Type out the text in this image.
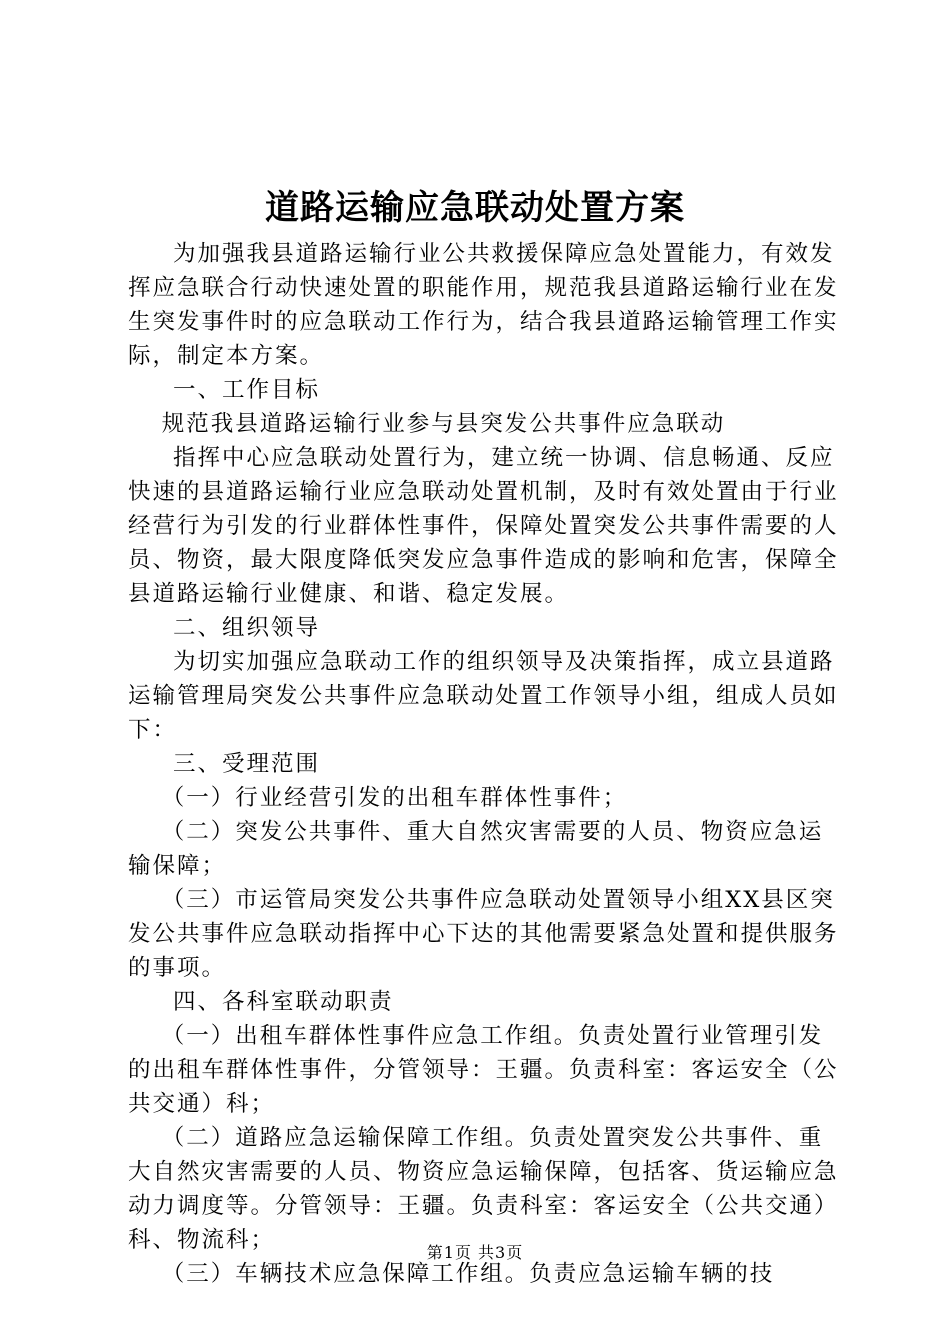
道路运输应急联动处置方案

为加强我县道路运输行业公共救援保障应急处置能力，有效发挥应急联合行动快速处置的职能作用，规范我县道路运输行业在发生突发事件时的应急联动工作行为，结合我县道路运输管理工作实际，制定本方案。

一、工作目标

规范我县道路运输行业参与县突发公共事件应急联动

指挥中心应急联动处置行为，建立统一协调、信息畅通、反应快速的县道路运输行业应急联动处置机制，及时有效处置由于行业经营行为引发的行业群体性事件，保障处置突发公共事件需要的人员、物资，最大限度降低突发应急事件造成的影响和危害，保障全县道路运输行业健康、和谐、稳定发展。

二、组织领导

为切实加强应急联动工作的组织领导及决策指挥，成立县道路运输管理局突发公共事件应急联动处置工作领导小组，组成人员如下：

三、受理范围

（一）行业经营引发的出租车群体性事件；

（二）突发公共事件、重大自然灾害需要的人员、物资应急运输保障；

（三）市运管局突发公共事件应急联动处置领导小组XX县区突发公共事件应急联动指挥中心下达的其他需要紧急处置和提供服务的事项。

四、各科室联动职责

（一）出租车群体性事件应急工作组。负责处置行业管理引发的出租车群体性事件，分管领导：王疆。负责科室：客运安全（公共交通）科；

（二）道路应急运输保障工作组。负责处置突发公共事件、重大自然灾害需要的人员、物资应急运输保障，包括客、货运输应急动力调度等。分管领导：王疆。负责科室：客运安全（公共交通）科、物流科；

（三）车辆技术应急保障工作组。负责应急运输车辆的技

第1页 共3页
